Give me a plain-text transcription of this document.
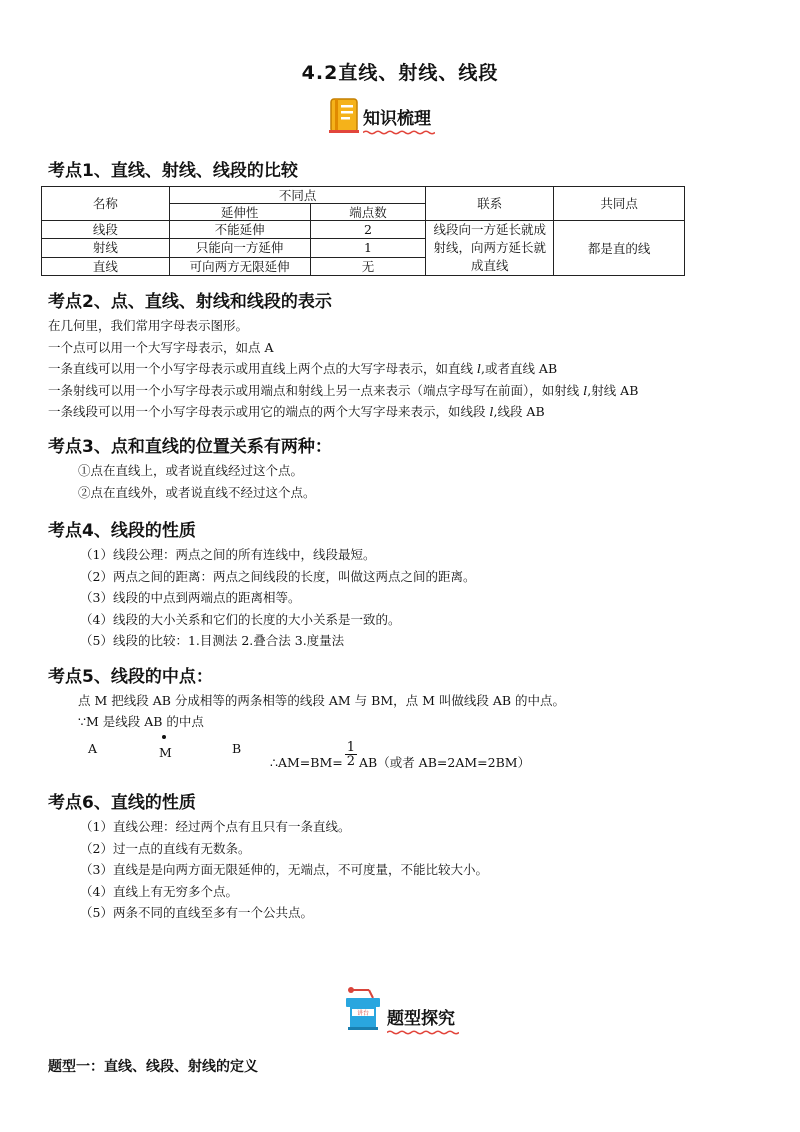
4.2直线、射线、线段
知识梳理
考点1、直线、射线、线段的比较
名称	不同点		联系	共同点
	延伸性	端点数		
线段	不能延伸	2	线段向一方延长就成射线，向两方延长就成直线	都是直的线
射线	只能向一方延伸	1		
直线	可向两方无限延伸	无		
考点2、点、直线、射线和线段的表示
在几何里，我们常用字母表示图形。
一个点可以用一个大写字母表示，如点 A
一条直线可以用一个小写字母表示或用直线上两个点的大写字母表示，如直线 l,或者直线 AB
一条射线可以用一个小写字母表示或用端点和射线上另一点来表示（端点字母写在前面），如射线 l,射线 AB
一条线段可以用一个小写字母表示或用它的端点的两个大写字母来表示，如线段 l,线段 AB
考点3、点和直线的位置关系有两种：
①点在直线上，或者说直线经过这个点。
②点在直线外，或者说直线不经过这个点。
考点4、线段的性质
（1）线段公理：两点之间的所有连线中，线段最短。
（2）两点之间的距离：两点之间线段的长度，叫做这两点之间的距离。
（3）线段的中点到两端点的距离相等。
（4）线段的大小关系和它们的长度的大小关系是一致的。
（5）线段的比较：1.目测法 2.叠合法 3.度量法
考点5、线段的中点：
点 M 把线段 AB 分成相等的两条相等的线段 AM 与 BM，点 M 叫做线段 AB 的中点。
∵M 是线段 AB 的中点
A	M	B
∴AM=BM= $\frac{1}{2} AB$（或者 AB=2AM=2BM）
考点6、直线的性质
（1）直线公理：经过两个点有且只有一条直线。
（2）过一点的直线有无数条。
（3）直线是是向两方面无限延伸的，无端点，不可度量，不能比较大小。
（4）直线上有无穷多个点。
（5）两条不同的直线至多有一个公共点。
讲台 题型探究
题型一：直线、线段、射线的定义
